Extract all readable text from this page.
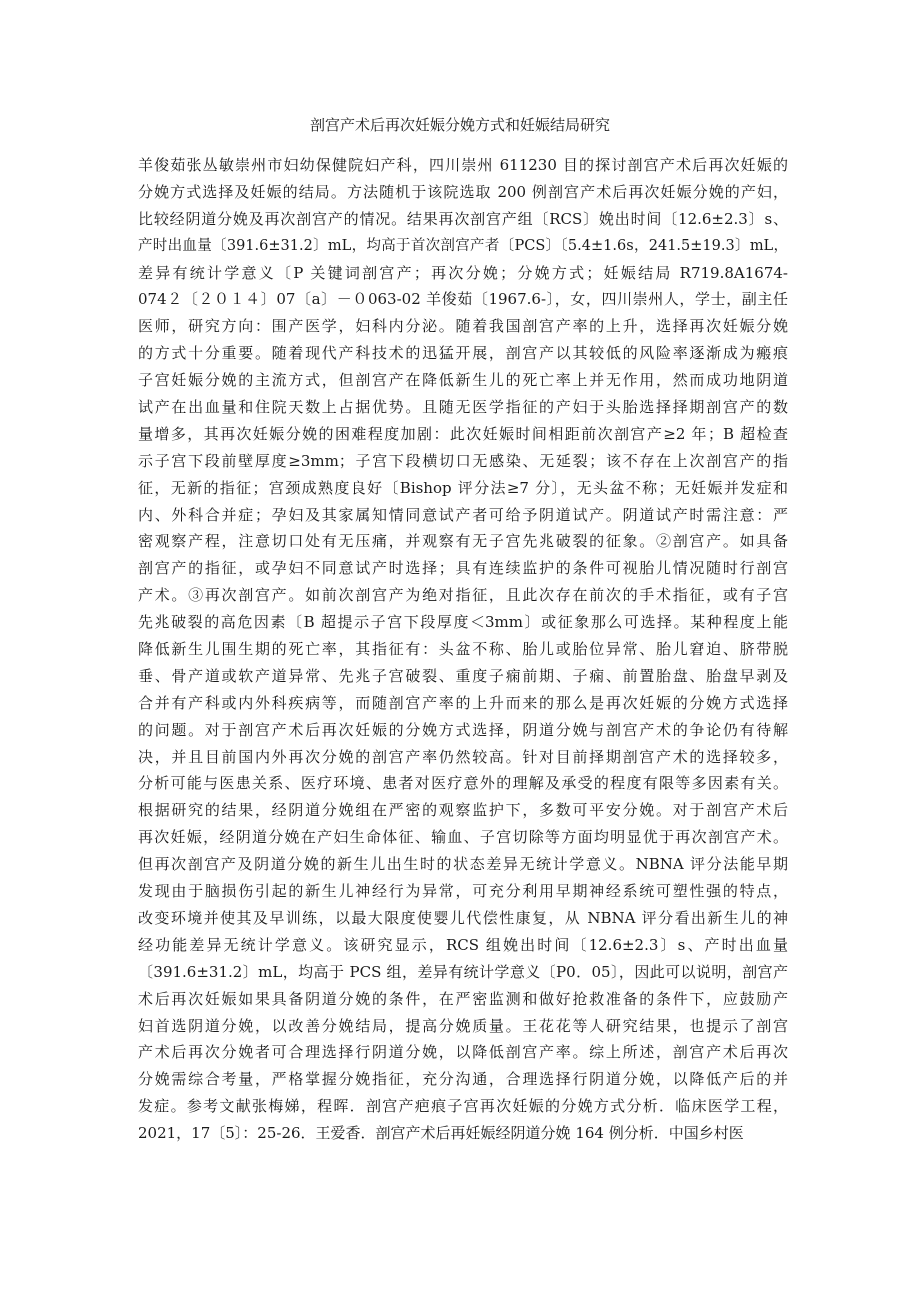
剖宫产术后再次妊娠分娩方式和妊娠结局研究
羊俊茹张丛敏崇州市妇幼保健院妇产科，四川崇州 611230 目的探讨剖宫产术后再次妊娠的
分娩方式选择及妊娠的结局。方法随机于该院选取 200 例剖宫产术后再次妊娠分娩的产妇，
比较经阴道分娩及再次剖宫产的情况。结果再次剖宫产组〔RCS〕娩出时间〔12.6±2.3〕s、
产时出血量〔391.6±31.2〕mL，均高于首次剖宫产者〔PCS〕〔5.4±1.6s，241.5±19.3〕mL，
差异有统计学意义〔P 关键词剖宫产；再次分娩；分娩方式；妊娠结局 R719.8A1674-
074２〔２０１４〕07〔a〕－０063-02 羊俊茹〔1967.6-〕，女，四川崇州人，学士，副主任
医师，研究方向：围产医学，妇科内分泌。随着我国剖宫产率的上升，选择再次妊娠分娩
的方式十分重要。随着现代产科技术的迅猛开展，剖宫产以其较低的风险率逐渐成为瘢痕
子宫妊娠分娩的主流方式，但剖宫产在降低新生儿的死亡率上并无作用，然而成功地阴道
试产在出血量和住院天数上占据优势。且随无医学指征的产妇于头胎选择择期剖宫产的数
量增多，其再次妊娠分娩的困难程度加剧：此次妊娠时间相距前次剖宫产≥2 年；B 超检查
示子宫下段前壁厚度≥3mm；子宫下段横切口无感染、无延裂；该不存在上次剖宫产的指
征，无新的指征；宫颈成熟度良好〔Bishop 评分法≥7 分〕，无头盆不称；无妊娠并发症和
内、外科合并症；孕妇及其家属知情同意试产者可给予阴道试产。阴道试产时需注意：严
密观察产程，注意切口处有无压痛，并观察有无子宫先兆破裂的征象。②剖宫产。如具备
剖宫产的指征，或孕妇不同意试产时选择；具有连续监护的条件可视胎儿情况随时行剖宫
产术。③再次剖宫产。如前次剖宫产为绝对指征，且此次存在前次的手术指征，或有子宫
先兆破裂的高危因素〔B 超提示子宫下段厚度＜3mm〕或征象那么可选择。某种程度上能
降低新生儿围生期的死亡率，其指征有：头盆不称、胎儿或胎位异常、胎儿窘迫、脐带脱
垂、骨产道或软产道异常、先兆子宫破裂、重度子痫前期、子痫、前置胎盘、胎盘早剥及
合并有产科或内外科疾病等，而随剖宫产率的上升而来的那么是再次妊娠的分娩方式选择
的问题。对于剖宫产术后再次妊娠的分娩方式选择，阴道分娩与剖宫产术的争论仍有待解
决，并且目前国内外再次分娩的剖宫产率仍然较高。针对目前择期剖宫产术的选择较多，
分析可能与医患关系、医疗环境、患者对医疗意外的理解及承受的程度有限等多因素有关。
根据研究的结果，经阴道分娩组在严密的观察监护下，多数可平安分娩。对于剖宫产术后
再次妊娠，经阴道分娩在产妇生命体征、输血、子宫切除等方面均明显优于再次剖宫产术。
但再次剖宫产及阴道分娩的新生儿出生时的状态差异无统计学意义。NBNA 评分法能早期
发现由于脑损伤引起的新生儿神经行为异常，可充分利用早期神经系统可塑性强的特点，
改变环境并使其及早训练，以最大限度使婴儿代偿性康复，从 NBNA 评分看出新生儿的神
经功能差异无统计学意义。该研究显示，RCS 组娩出时间〔12.6±2.3〕s、产时出血量
〔391.6±31.2〕mL，均高于 PCS 组，差异有统计学意义〔P0．05〕，因此可以说明，剖宫产
术后再次妊娠如果具备阴道分娩的条件，在严密监测和做好抢救准备的条件下，应鼓励产
妇首选阴道分娩，以改善分娩结局，提高分娩质量。王花花等人研究结果，也提示了剖宫
产术后再次分娩者可合理选择行阴道分娩，以降低剖宫产率。综上所述，剖宫产术后再次
分娩需综合考量，严格掌握分娩指征，充分沟通，合理选择行阴道分娩，以降低产后的并
发症。参考文献张梅娣，程晖．剖宫产疤痕子宫再次妊娠的分娩方式分析．临床医学工程，
2021，17〔5〕：25-26．王爱香．剖宫产术后再妊娠经阴道分娩 164 例分析．中国乡村医
